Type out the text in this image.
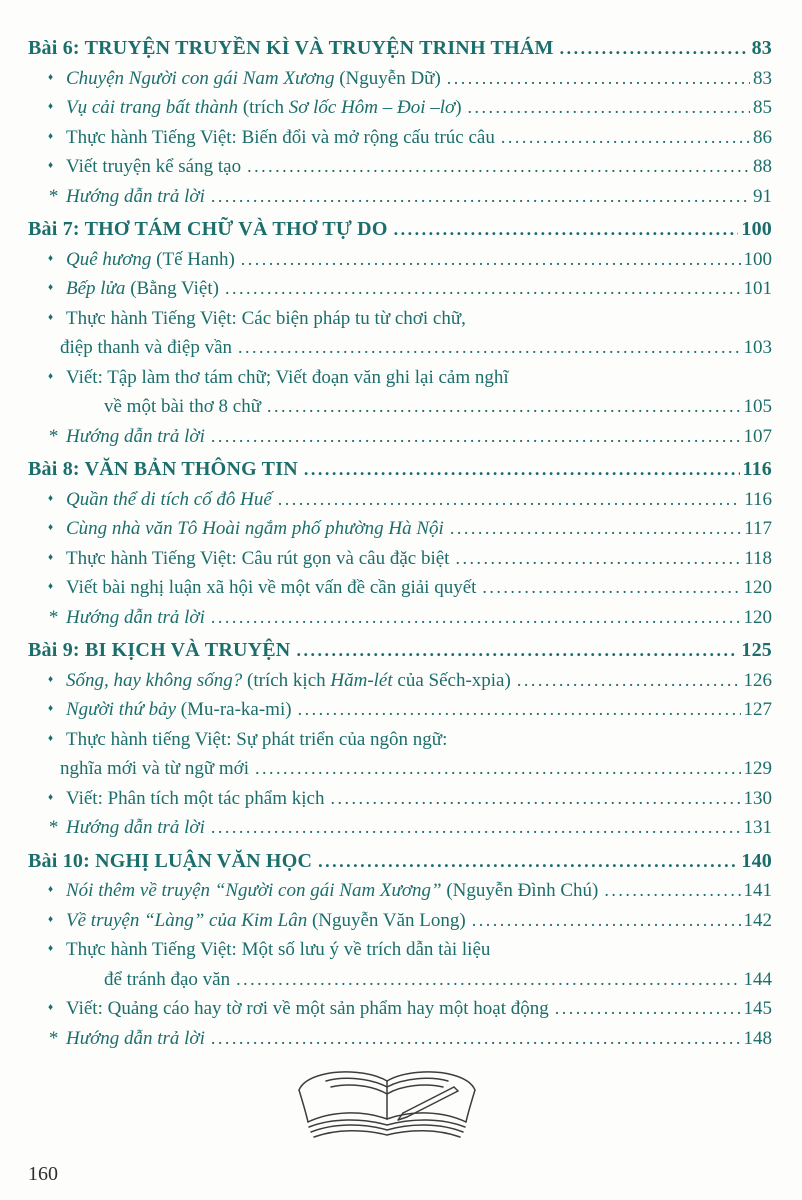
Bài 6: TRUYỆN TRUYỀN KÌ VÀ TRUYỆN TRINH THÁM .....	83
♦ Chuyện Người con gái Nam Xương (Nguyễn Dữ) .....	83
♦ Vụ cải trang bất thành (trích Sơ lốc Hôm – Đoi –lơ) .....	85
♦ Thực hành Tiếng Việt: Biến đổi và mở rộng cấu trúc câu .....	86
♦ Viết truyện kể sáng tạo .....	88
* Hướng dẫn trả lời .....	91
Bài 7: THƠ TÁM CHỮ VÀ THƠ TỰ DO .....	100
♦ Quê hương (Tế Hanh) .....	100
♦ Bếp lửa (Bằng Việt) .....	101
♦ Thực hành Tiếng Việt: Các biện pháp tu từ chơi chữ,
điệp thanh và điệp vần .....	103
♦ Viết: Tập làm thơ tám chữ; Viết đoạn văn ghi lại cảm nghĩ
về một bài thơ 8 chữ .....	105
* Hướng dẫn trả lời .....	107
Bài 8: VĂN BẢN THÔNG TIN .....	116
♦ Quần thể di tích cố đô Huế .....	116
♦ Cùng nhà văn Tô Hoài ngắm phố phường Hà Nội .....	117
♦ Thực hành Tiếng Việt: Câu rút gọn và câu đặc biệt .....	118
♦ Viết bài nghị luận xã hội về một vấn đề cần giải quyết .....	120
* Hướng dẫn trả lời .....	120
Bài 9: BI KỊCH VÀ TRUYỆN .....	125
♦ Sống, hay không sống? (trích kịch Hăm-lét của Sếch-xpia) .....	126
♦ Người thứ bảy (Mu-ra-ka-mi) .....	127
♦ Thực hành tiếng Việt: Sự phát triển của ngôn ngữ:
nghĩa mới và từ ngữ mới .....	129
♦ Viết: Phân tích một tác phẩm kịch .....	130
* Hướng dẫn trả lời .....	131
Bài 10: NGHỊ LUẬN VĂN HỌC .....	140
♦ Nói thêm về truyện “Người con gái Nam Xương” (Nguyễn Đình Chú) .....	141
♦ Về truyện “Làng” của Kim Lân (Nguyễn Văn Long) .....	142
♦ Thực hành Tiếng Việt: Một số lưu ý về trích dẫn tài liệu
để tránh đạo văn .....	144
♦ Viết: Quảng cáo hay tờ rơi về một sản phẩm hay một hoạt động .....	145
* Hướng dẫn trả lời .....	148
160
